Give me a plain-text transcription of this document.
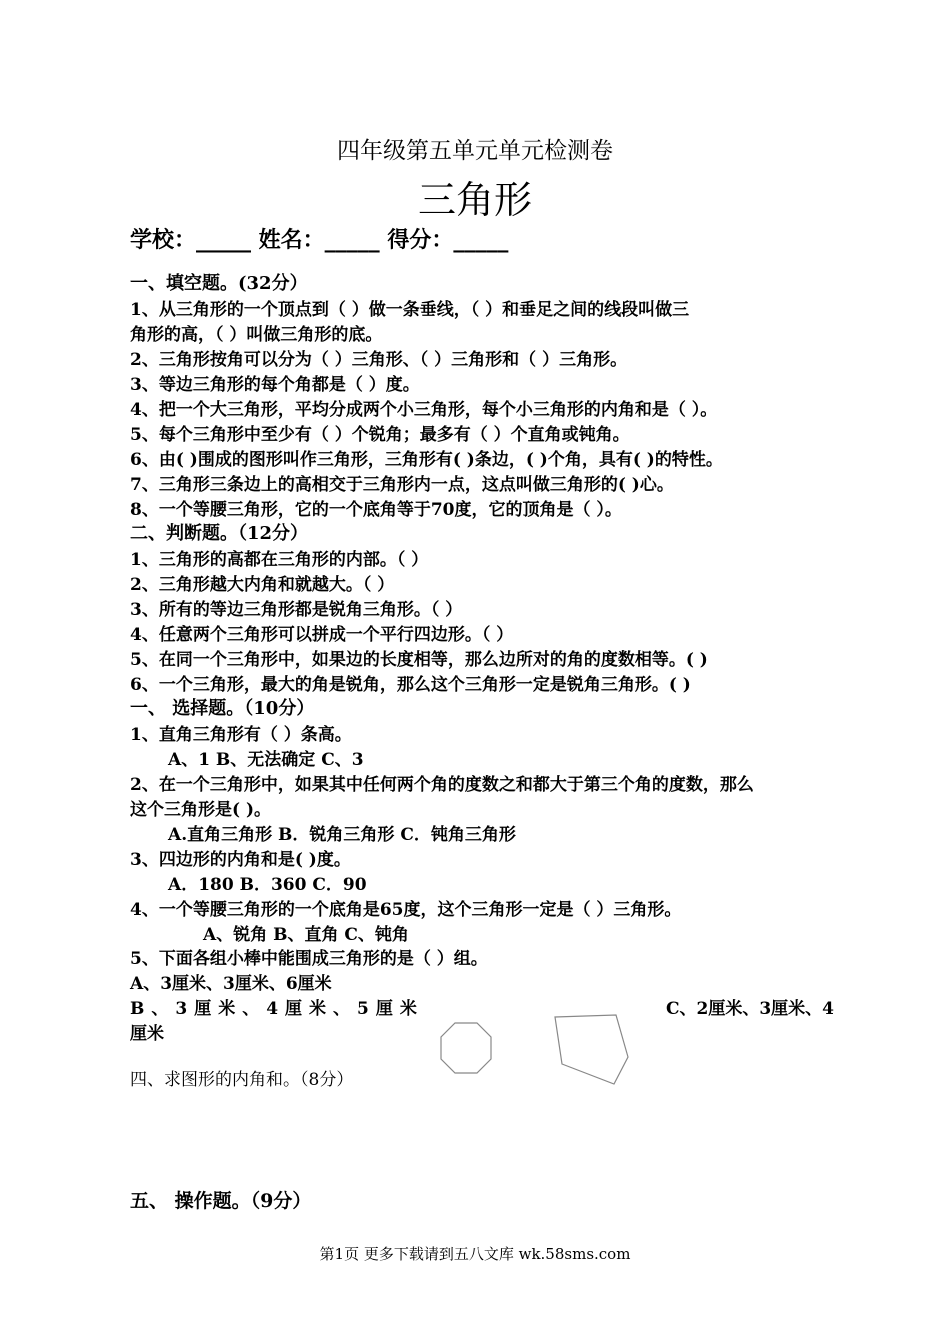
四年级第五单元单元检测卷
三角形
学校：_____ 姓名：_____ 得分：_____
一、填空题。(32分）
1、从三角形的一个顶点到（ ）做一条垂线，（ ）和垂足之间的线段叫做三
角形的高，（ ）叫做三角形的底。
2、三角形按角可以分为（ ）三角形、（ ）三角形和（ ）三角形。
3、等边三角形的每个角都是（ ）度。
4、把一个大三角形，平均分成两个小三角形，每个小三角形的内角和是（ ）。
5、每个三角形中至少有（ ）个锐角；最多有（ ）个直角或钝角。
6、由( )围成的图形叫作三角形，三角形有( )条边，( )个角，具有( )的特性。
7、三角形三条边上的高相交于三角形内一点，这点叫做三角形的( )心。
8、一个等腰三角形，它的一个底角等于70度，它的顶角是（ ）。
二、判断题。（12分）
1、三角形的高都在三角形的内部。（ ）
2、三角形越大内角和就越大。（ ）
3、所有的等边三角形都是锐角三角形。（ ）
4、任意两个三角形可以拼成一个平行四边形。（ ）
5、在同一个三角形中，如果边的长度相等，那么边所对的角的度数相等。( )
6、一个三角形，最大的角是锐角，那么这个三角形一定是锐角三角形。( )
一、 选择题。（10分）
1、直角三角形有（ ）条高。
A、1 B、无法确定 C、3
2、在一个三角形中，如果其中任何两个角的度数之和都大于第三个角的度数，那么
这个三角形是( )。
A.直角三角形 B．锐角三角形 C．钝角三角形
3、四边形的内角和是( )度。
A．180 B．360 C．90
4、一个等腰三角形的一个底角是65度，这个三角形一定是（ ）三角形。
A、锐角 B、直角 C、钝角
5、下面各组小棒中能围成三角形的是（ ）组。
A、3厘米、3厘米、6厘米
B、3厘米、4厘米、5厘米	C、2厘米、3厘米、4
厘米
四、求图形的内角和。（8分）
五、 操作题。（9分）
第1页 更多下载请到五八文库 wk.58sms.com
